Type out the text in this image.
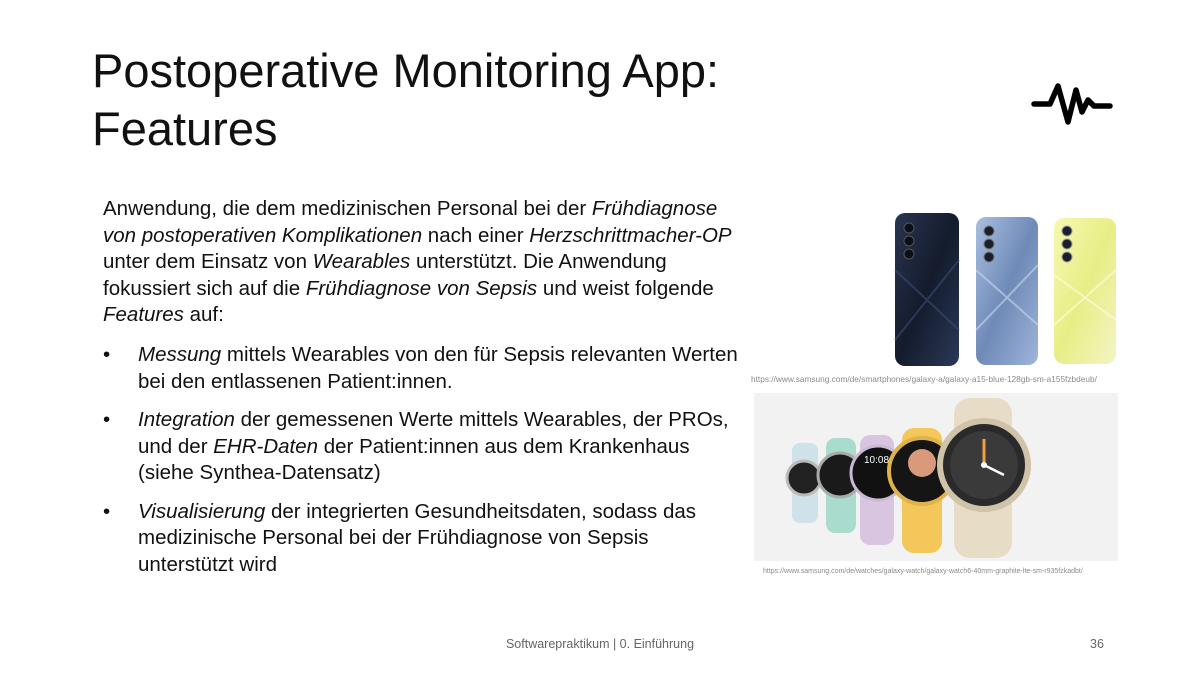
Postoperative Monitoring App: Features
Anwendung, die dem medizinischen Personal bei der Frühdiagnose von postoperativen Komplikationen nach einer Herzschrittmacher-OP unter dem Einsatz von Wearables unterstützt. Die Anwendung fokussiert sich auf die Frühdiagnose von Sepsis und weist folgende Features auf:
•	Messung mittels Wearables von den für Sepsis relevanten Werten bei den entlassenen Patient:innen.
•	Integration der gemessenen Werte mittels Wearables, der PROs, und der EHR-Daten der Patient:innen aus dem Krankenhaus (siehe Synthea-Datensatz)
•	Visualisierung der integrierten Gesundheitsdaten, sodass das medizinische Personal bei der Frühdiagnose von Sepsis unterstützt wird
https://www.samsung.com/de/smartphones/galaxy-a/galaxy-a15-blue-128gb-sm-a155fzbdeub/
10:08
https://www.samsung.com/de/watches/galaxy-watch/galaxy-watch6-40mm-graphite-lte-sm-r935fzkadbt/
Softwarepraktikum | 0. Einführung	36
